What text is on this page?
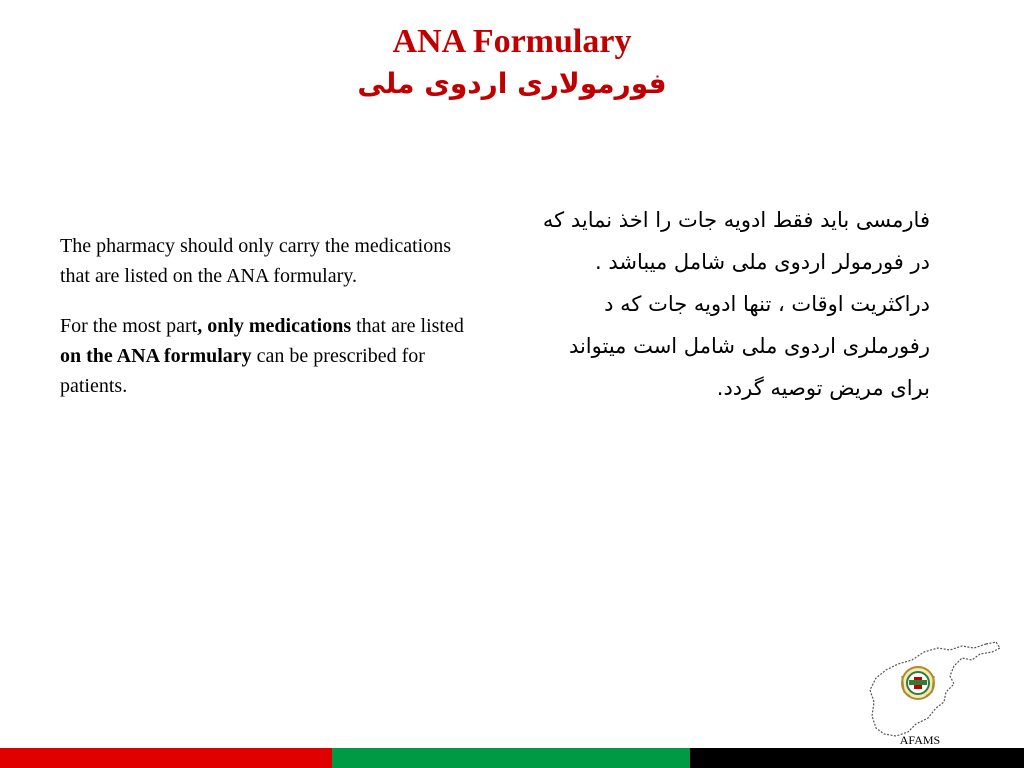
ANA Formulary
فورمولاری اردوی ملی

The pharmacy should only carry the medications that are listed on the ANA formulary.

For the most part, only medications that are listed on the ANA formulary can be prescribed for patients.

فارمسی باید فقط ادویه جات را اخذ نماید که در فورمولر اردوی ملی شامل میباشد .

دراکثریت اوقات ، تنها ادویه جات که د رفورملری اردوی ملی شامل است میتواند برای مریض توصیه گردد.

AFAMS
